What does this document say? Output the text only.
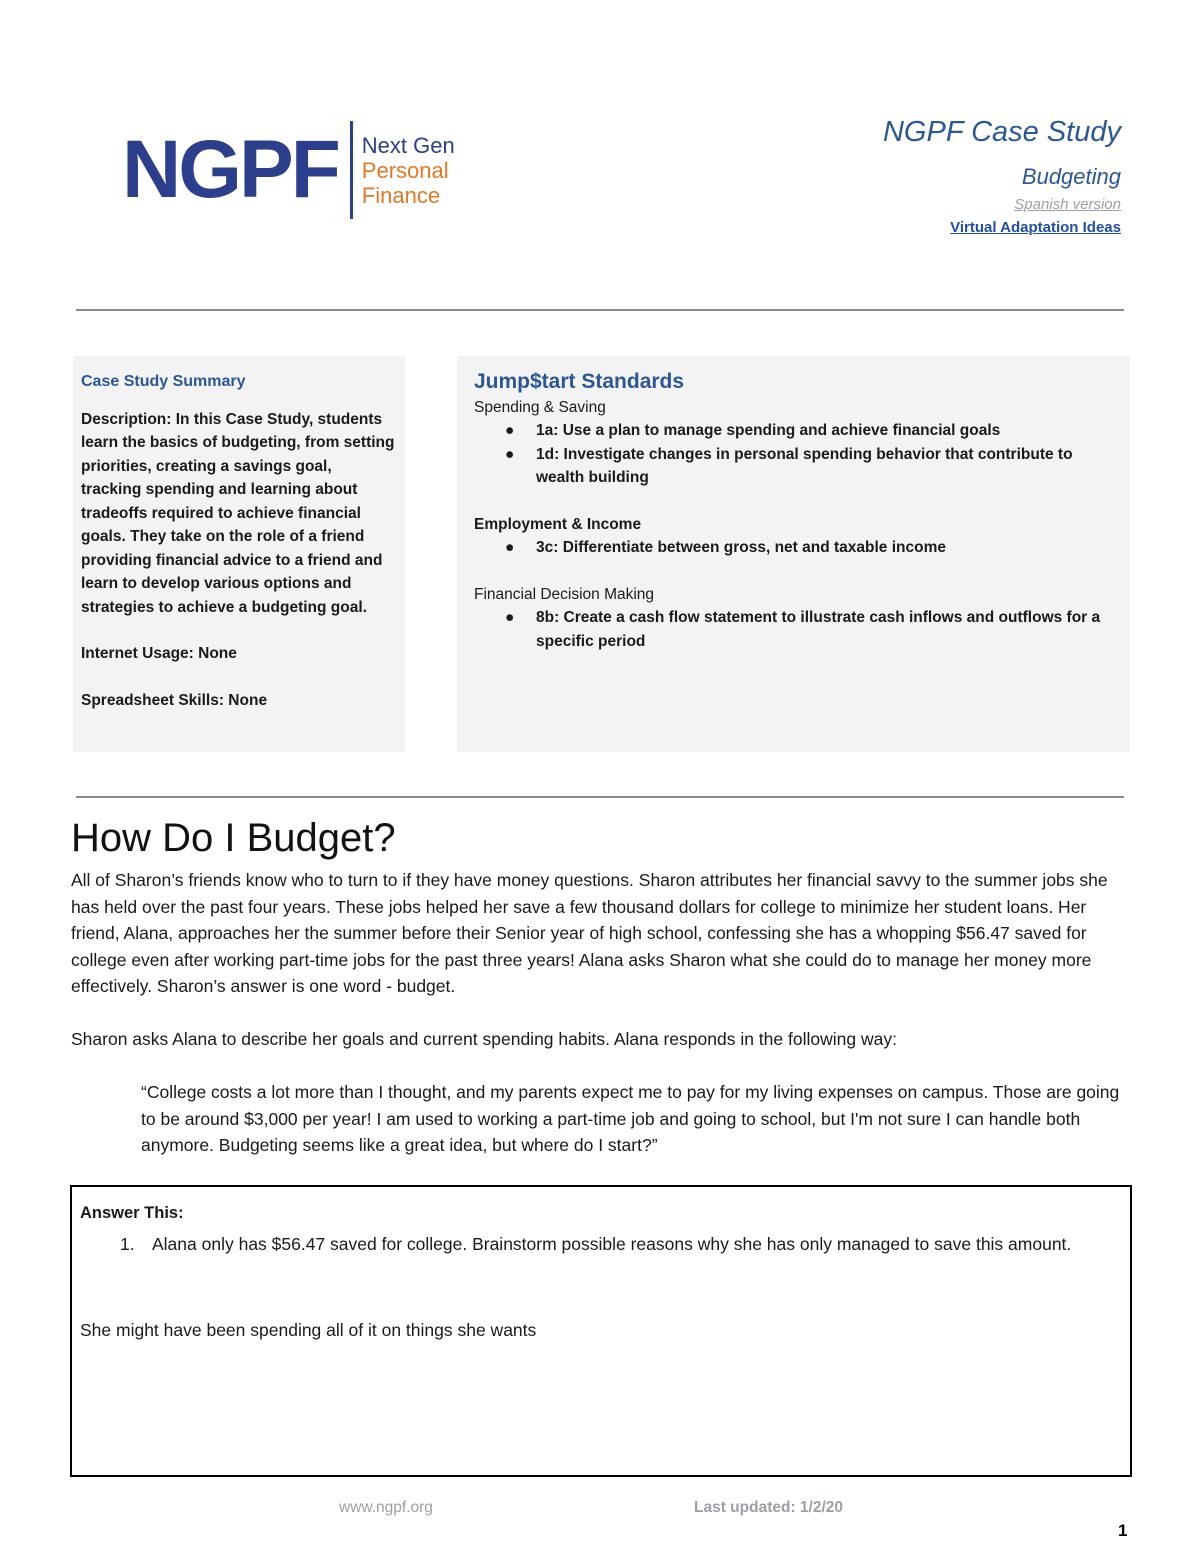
NGPF Next Gen
Personal
Finance
NGPF Case Study
Budgeting
Spanish version
Virtual Adaptation Ideas
Case Study Summary

Description: In this Case Study, students learn the basics of budgeting, from setting priorities, creating a savings goal, tracking spending and learning about tradeoffs required to achieve financial goals. They take on the role of a friend providing financial advice to a friend and learn to develop various options and strategies to achieve a budgeting goal.

Internet Usage: None

Spreadsheet Skills: None

Jump$tart Standards
Spending & Saving
● 1a: Use a plan to manage spending and achieve financial goals
● 1d: Investigate changes in personal spending behavior that contribute to wealth building
Employment & Income
● 3c: Differentiate between gross, net and taxable income
Financial Decision Making
● 8b: Create a cash flow statement to illustrate cash inflows and outflows for a specific period
How Do I Budget?

All of Sharon’s friends know who to turn to if they have money questions. Sharon attributes her financial savvy to the summer jobs she has held over the past four years. These jobs helped her save a few thousand dollars for college to minimize her student loans. Her friend, Alana, approaches her the summer before their Senior year of high school, confessing she has a whopping $56.47 saved for college even after working part-time jobs for the past three years! Alana asks Sharon what she could do to manage her money more effectively. Sharon’s answer is one word - budget.

Sharon asks Alana to describe her goals and current spending habits. Alana responds in the following way:

“College costs a lot more than I thought, and my parents expect me to pay for my living expenses on campus. Those are going to be around $3,000 per year! I am used to working a part-time job and going to school, but I'm not sure I can handle both anymore. Budgeting seems like a great idea, but where do I start?”

Answer This:
1. Alana only has $56.47 saved for college. Brainstorm possible reasons why she has only managed to save this amount.
She might have been spending all of it on things she wants
www.ngpf.org	Last updated: 1/2/20
1
